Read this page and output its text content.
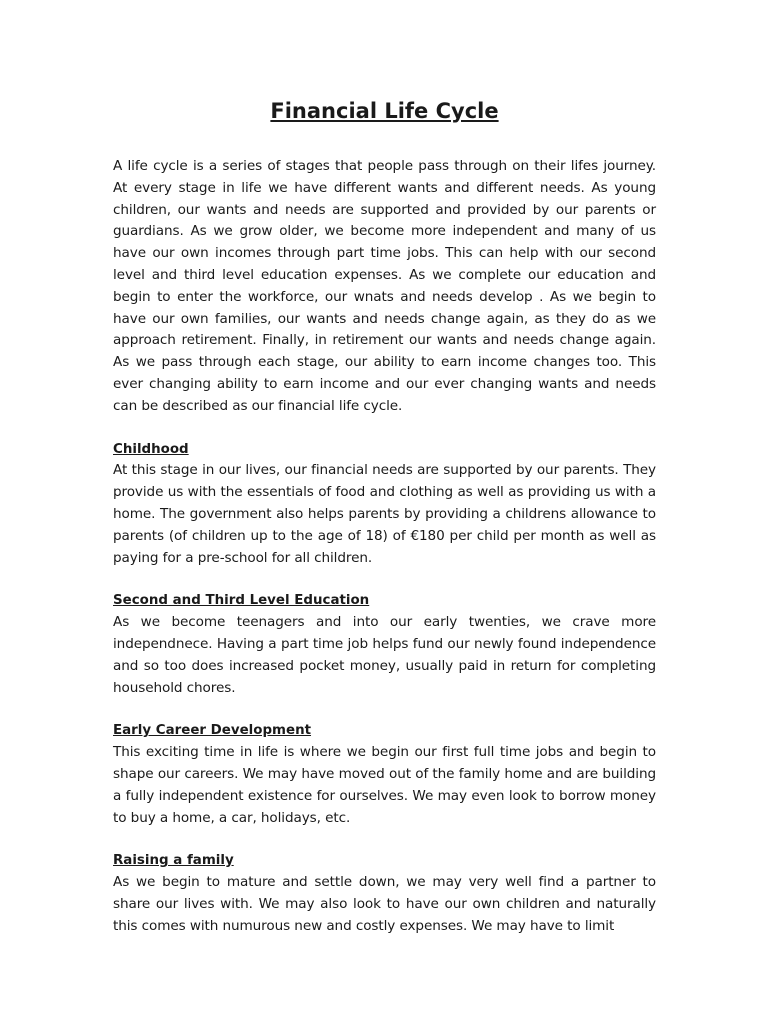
Financial Life Cycle

A life cycle is a series of stages that people pass through on their lifes journey. At every stage in life we have different wants and different needs. As young children, our wants and needs are supported and provided by our parents or guardians. As we grow older, we become more independent and many of us have our own incomes through part time jobs. This can help with our second level and third level education expenses. As we complete our education and begin to enter the workforce, our wnats and needs develop . As we begin to have our own families, our wants and needs change again, as they do as we approach retirement. Finally, in retirement our wants and needs change again. As we pass through each stage, our ability to earn income changes too. This ever changing ability to earn income and our ever changing wants and needs can be described as our financial life cycle.

Childhood

At this stage in our lives, our financial needs are supported by our parents. They provide us with the essentials of food and clothing as well as providing us with a home. The government also helps parents by providing a childrens allowance to parents (of children up to the age of 18) of €180 per child per month as well as paying for a pre-school for all children.

Second and Third Level Education

As we become teenagers and into our early twenties, we crave more independnece. Having a part time job helps fund our newly found independence and so too does increased pocket money, usually paid in return for completing household chores.

Early Career Development

This exciting time in life is where we begin our first full time jobs and begin to shape our careers. We may have moved out of the family home and are building a fully independent existence for ourselves. We may even look to borrow money to buy a home, a car, holidays, etc.

Raising a family

As we begin to mature and settle down, we may very well find a partner to share our lives with. We may also look to have our own children and naturally this comes with numurous new and costly expenses. We may have to limit
